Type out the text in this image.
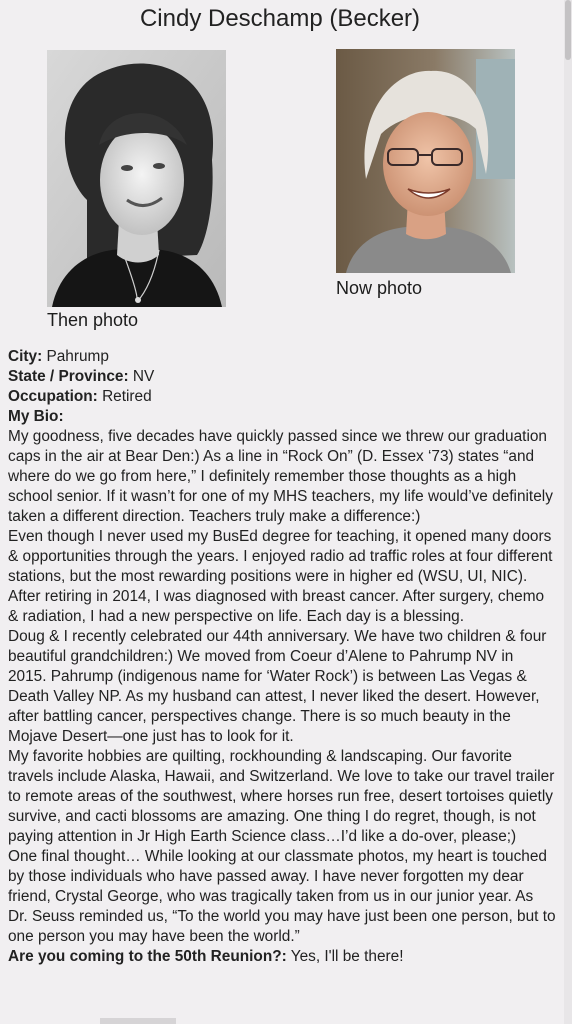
Cindy Deschamp (Becker)
Then photo
Now photo
City: Pahrump
State / Province: NV
Occupation: Retired
My Bio:

My goodness, five decades have quickly passed since we threw our graduation caps in the air at Bear Den:) As a line in “Rock On” (D. Essex ‘73) states “and where do we go from here,” I definitely remember those thoughts as a high school senior. If it wasn’t for one of my MHS teachers, my life would’ve definitely taken a different direction. Teachers truly make a difference:)

Even though I never used my BusEd degree for teaching, it opened many doors & opportunities through the years. I enjoyed radio ad traffic roles at four different stations, but the most rewarding positions were in higher ed (WSU, UI, NIC). After retiring in 2014, I was diagnosed with breast cancer. After surgery, chemo & radiation, I had a new perspective on life. Each day is a blessing.

Doug & I recently celebrated our 44th anniversary. We have two children & four beautiful grandchildren:) We moved from Coeur d’Alene to Pahrump NV in 2015. Pahrump (indigenous name for ‘Water Rock’) is between Las Vegas & Death Valley NP. As my husband can attest, I never liked the desert. However, after battling cancer, perspectives change. There is so much beauty in the Mojave Desert—one just has to look for it.

My favorite hobbies are quilting, rockhounding & landscaping. Our favorite travels include Alaska, Hawaii, and Switzerland. We love to take our travel trailer to remote areas of the southwest, where horses run free, desert tortoises quietly survive, and cacti blossoms are amazing. One thing I do regret, though, is not paying attention in Jr High Earth Science class…I’d like a do-over, please;)

One final thought… While looking at our classmate photos, my heart is touched by those individuals who have passed away. I have never forgotten my dear friend, Crystal George, who was tragically taken from us in our junior year. As Dr. Seuss reminded us, “To the world you may have just been one person, but to one person you may have been the world.”

Are you coming to the 50th Reunion?: Yes, I'll be there!
